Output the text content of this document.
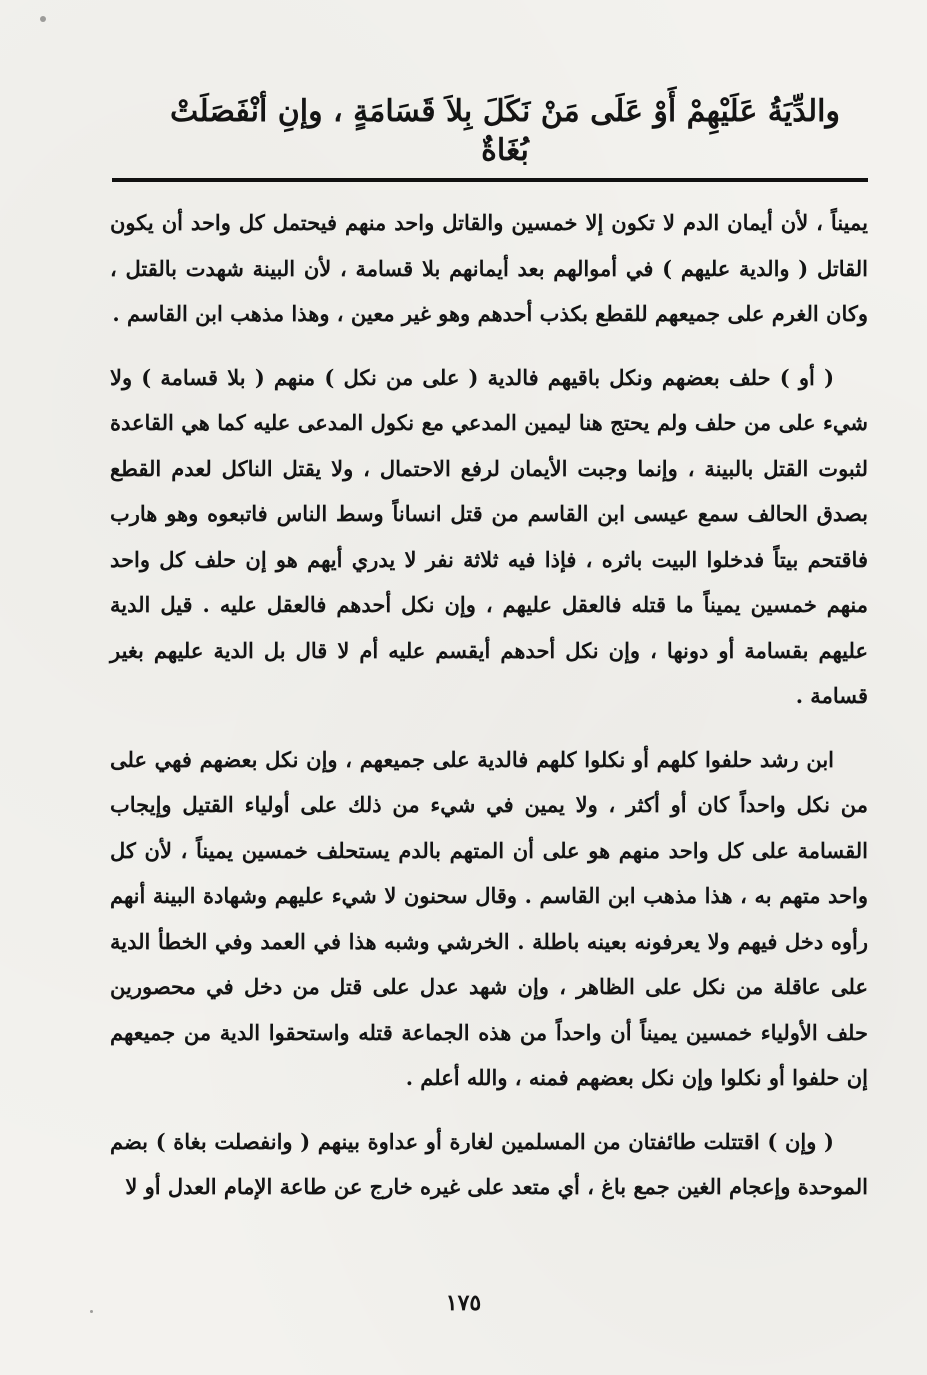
والدِّيَةُ عَلَيْهِمْ أَوْ عَلَى مَنْ نَكَلَ بِلاَ قَسَامَةٍ ، وإنِ أنْفَصَلَتْ بُغَاةٌ

يميناً ، لأن أيمان الدم لا تكون إلا خمسين والقاتل واحد منهم فيحتمل كل واحد أن يكون القاتل ( والدية عليهم ) في أموالهم بعد أيمانهم بلا قسامة ، لأن البينة شهدت بالقتل ، وكان الغرم على جميعهم للقطع بكذب أحدهم وهو غير معين ، وهذا مذهب ابن القاسم .

( أو ) حلف بعضهم ونكل باقيهم فالدية ( على من نكل ) منهم ( بلا قسامة ) ولا شيء على من حلف ولم يحتج هنا ليمين المدعي مع نكول المدعى عليه كما هي القاعدة لثبوت القتل بالبينة ، وإنما وجبت الأيمان لرفع الاحتمال ، ولا يقتل الناكل لعدم القطع بصدق الحالف سمع عيسى ابن القاسم من قتل انساناً وسط الناس فاتبعوه وهو هارب فاقتحم بيتاً فدخلوا البيت باثره ، فإذا فيه ثلاثة نفر لا يدري أيهم هو إن حلف كل واحد منهم خمسين يميناً ما قتله فالعقل عليهم ، وإن نكل أحدهم فالعقل عليه . قيل الدية عليهم بقسامة أو دونها ، وإن نكل أحدهم أيقسم عليه أم لا قال بل الدية عليهم بغير قسامة .

ابن رشد حلفوا كلهم أو نكلوا كلهم فالدية على جميعهم ، وإن نكل بعضهم فهي على من نكل واحداً كان أو أكثر ، ولا يمين في شيء من ذلك على أولياء القتيل وإيجاب القسامة على كل واحد منهم هو على أن المتهم بالدم يستحلف خمسين يميناً ، لأن كل واحد متهم به ، هذا مذهب ابن القاسم . وقال سحنون لا شيء عليهم وشهادة البينة أنهم رأوه دخل فيهم ولا يعرفونه بعينه باطلة . الخرشي وشبه هذا في العمد وفي الخطأ الدية على عاقلة من نكل على الظاهر ، وإن شهد عدل على قتل من دخل في محصورين حلف الأولياء خمسين يميناً أن واحداً من هذه الجماعة قتله واستحقوا الدية من جميعهم إن حلفوا أو نكلوا وإن نكل بعضهم فمنه ، والله أعلم .

( وإن ) اقتتلت طائفتان من المسلمين لغارة أو عداوة بينهم ( وانفصلت بغاة ) بضم الموحدة وإعجام الغين جمع باغ ، أي متعد على غيره خارج عن طاعة الإمام العدل أو لا

١٧٥
